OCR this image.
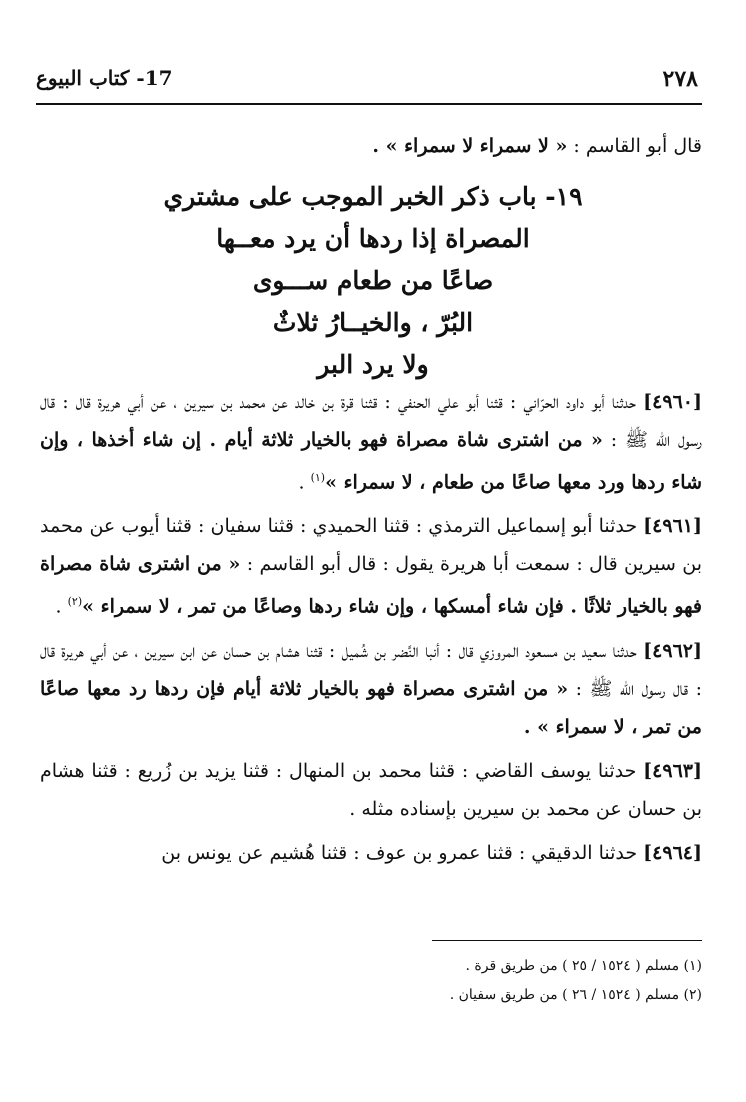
٢٧٨
17- كتاب البيوع
قال أبو القاسم : « لا سمراء لا سمراء » .
١٩- باب ذكر الخبر الموجب على مشتري
المصراة إذا ردها أن يرد معــها
صاعًا من طعام ســـوى
البُرّ ، والخيــارُ ثلاثٌ
ولا يرد البر

[٤٩٦٠] حدثنا أبو داود الحرّاني : قثنا أبو علي الحنفي : قثنا قرة بن خالد عن محمد بن سيرين ، عن أبي هريرة قال : قال رسول الله ﷺ : « من اشترى شاة مصراة فهو بالخيار ثلاثة أيام . إن شاء أخذها ، وإن شاء ردها ورد معها صاعًا من طعام ، لا سمراء »$^{(١)}$ .

[٤٩٦١] حدثنا أبو إسماعيل الترمذي : قثنا الحميدي : قثنا سفيان : قثنا أيوب عن محمد بن سيرين قال : سمعت أبا هريرة يقول : قال أبو القاسم : « من اشترى شاة مصراة فهو بالخيار ثلاثًا . فإن شاء أمسكها ، وإن شاء ردها وصاعًا من تمر ، لا سمراء »$^{(٢)}$ .

[٤٩٦٢] حدثنا سعيد بن مسعود المروزي قال : أنبا النَّضر بن شُميل : قثنا هشام بن حسان عن ابن سيرين ، عن أبي هريرة قال : قال رسول الله ﷺ : « من اشترى مصراة فهو بالخيار ثلاثة أيام فإن ردها رد معها صاعًا من تمر ، لا سمراء » .

[٤٩٦٣] حدثنا يوسف القاضي : قثنا محمد بن المنهال : قثنا يزيد بن زُريع : قثنا هشام بن حسان عن محمد بن سيرين بإسناده مثله .

[٤٩٦٤] حدثنا الدقيقي : قثنا عمرو بن عوف : قثنا هُشيم عن يونس بن

(١) مسلم ( ١٥٢٤ / ٢٥ ) من طريق قرة .
(٢) مسلم ( ١٥٢٤ / ٢٦ ) من طريق سفيان .
